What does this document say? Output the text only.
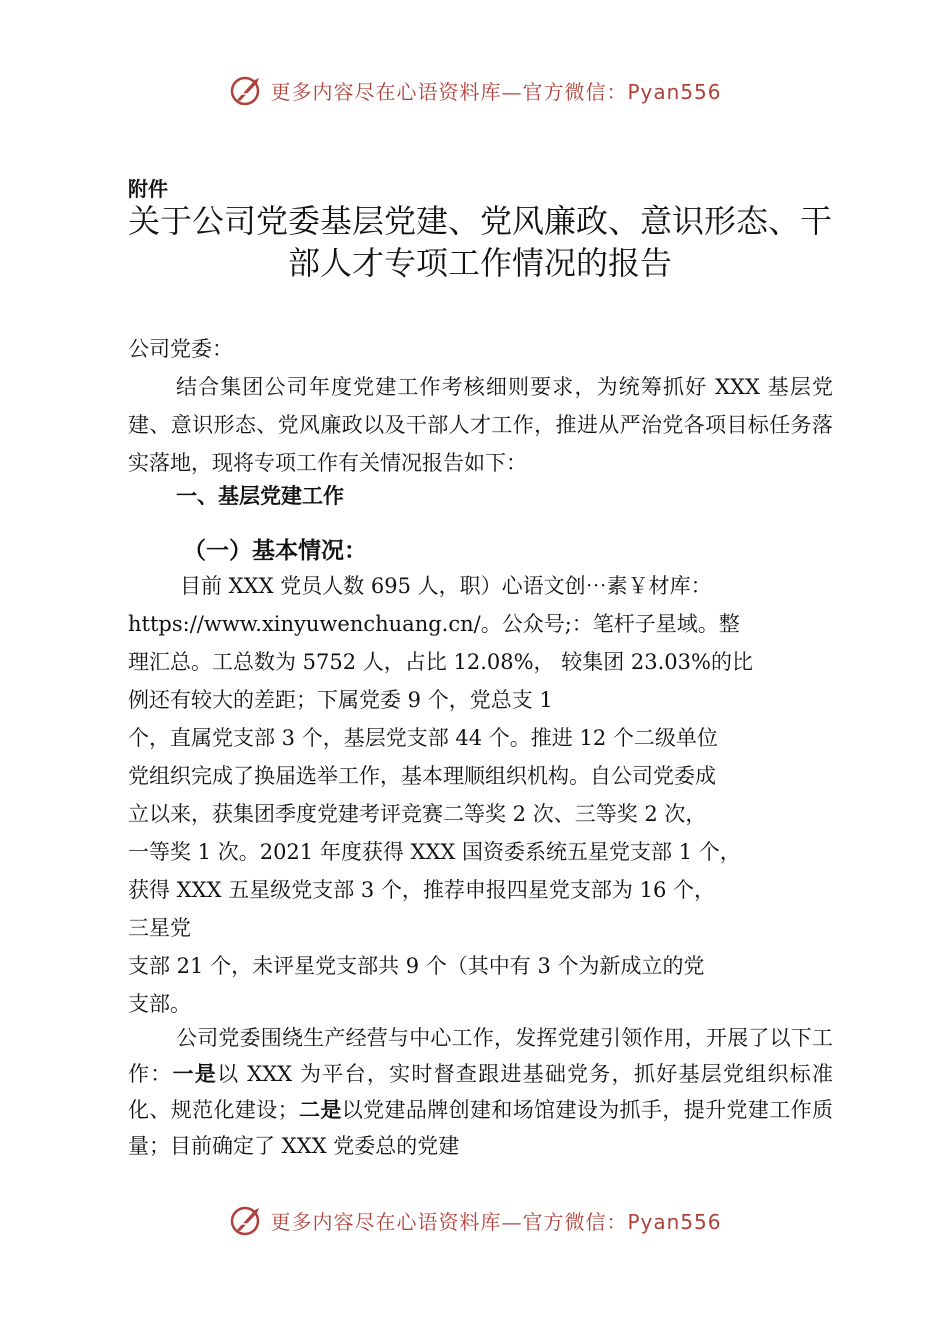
更多内容尽在心语资料库—官方微信：Pyan556
附件
关于公司党委基层党建、党风廉政、意识形态、干部人才专项工作情况的报告
公司党委：

结合集团公司年度党建工作考核细则要求，为统筹抓好 XXX 基层党建、意识形态、党风廉政以及干部人才工作，推进从严治党各项目标任务落实落地，现将专项工作有关情况报告如下：

一、基层党建工作
（一）基本情况：
目前 XXX 党员人数 695 人，职）心语文创⋯素￥材库：
https://www.xinyuwenchuang.cn/。公众号;：笔杆子星域。整
理汇总。工总数为 5752 人，占比 12.08%， 较集团 23.03%的比
例还有较大的差距；下属党委 9 个，党总支 1
个，直属党支部 3 个，基层党支部 44 个。推进 12 个二级单位
党组织完成了换届选举工作，基本理顺组织机构。自公司党委成
立以来，获集团季度党建考评竞赛二等奖 2 次、三等奖 2 次，
一等奖 1 次。2021 年度获得 XXX 国资委系统五星党支部 1 个，
获得 XXX 五星级党支部 3 个，推荐申报四星党支部为 16 个，
三星党
支部 21 个，未评星党支部共 9 个（其中有 3 个为新成立的党
支部。

公司党委围绕生产经营与中心工作，发挥党建引领作用，开展了以下工作：一是以 XXX 为平台，实时督查跟进基础党务，抓好基层党组织标准化、规范化建设；二是以党建品牌创建和场馆建设为抓手，提升党建工作质量；目前确定了 XXX 党委总的党建

更多内容尽在心语资料库—官方微信：Pyan556
